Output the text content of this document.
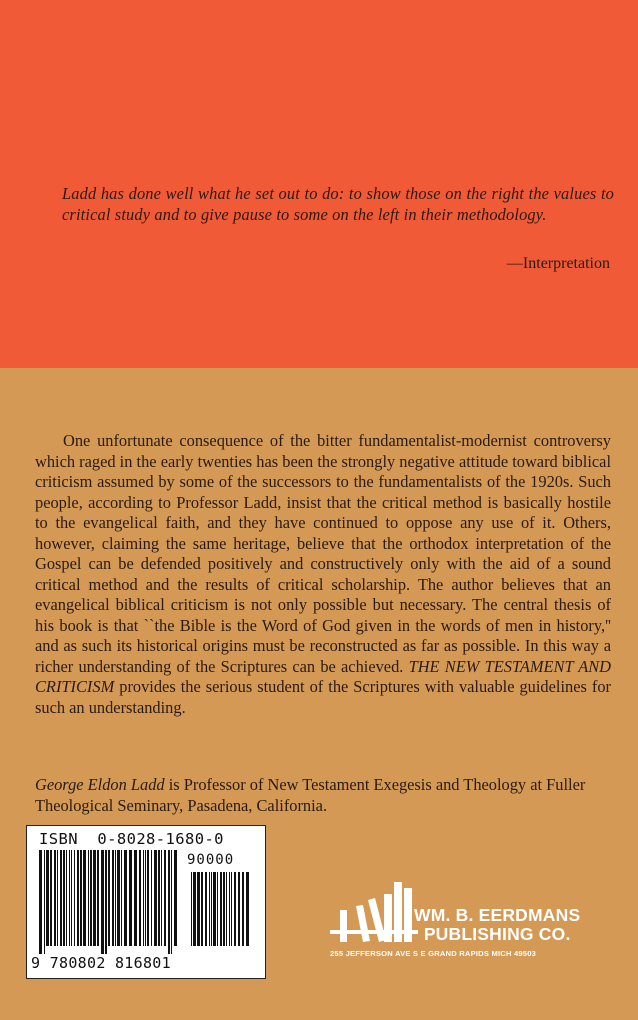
Ladd has done well what he set out to do: to show those on the right the values to critical study and to give pause to some on the left in their methodology.

—Interpretation

One unfortunate consequence of the bitter fundamentalist-modernist controversy which raged in the early twenties has been the strongly negative attitude toward biblical criticism assumed by some of the successors to the fundamentalists of the 1920s. Such people, according to Professor Ladd, insist that the critical method is basically hostile to the evangelical faith, and they have continued to oppose any use of it. Others, however, claiming the same heritage, believe that the orthodox interpretation of the Gospel can be defended positively and constructively only with the aid of a sound critical method and the results of critical scholarship. The author believes that an evangelical biblical criticism is not only possible but necessary. The central thesis of his book is that ``the Bible is the Word of God given in the words of men in history,'' and as such its historical origins must be reconstructed as far as possible. In this way a richer understanding of the Scriptures can be achieved. THE NEW TESTAMENT AND CRITICISM provides the serious student of the Scriptures with valuable guidelines for such an understanding.

George Eldon Ladd is Professor of New Testament Exegesis and Theology at Fuller Theological Seminary, Pasadena, California.

ISBN  0-8028-1680-0
90000
9 780802 816801
WM. B. EERDMANS
PUBLISHING CO.
255 JEFFERSON AVE S E GRAND RAPIDS MICH 49503
